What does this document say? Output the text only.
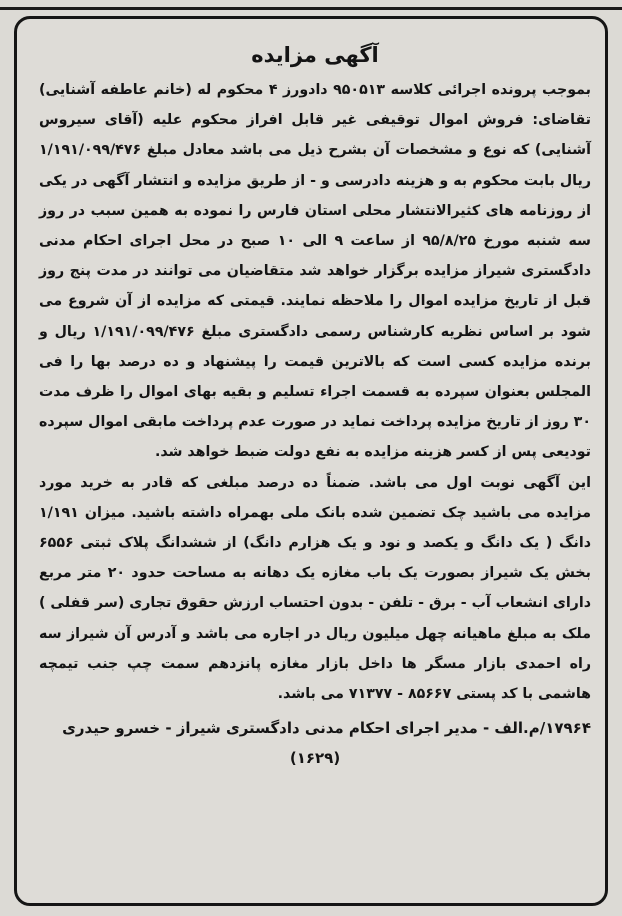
آگهی مزایده

بموجب پرونده اجرائی کلاسه ۹۵۰۵۱۳ دادورز ۴ محکوم له (خانم عاطفه آشنایی) تقاضای: فروش اموال توقیفی غیر قابل افراز محکوم علیه (آقای سیروس آشنایی) که نوع و مشخصات آن بشرح ذیل می باشد معادل مبلغ ۱/۱۹۱/۰۹۹/۴۷۶ ریال بابت محکوم به و هزینه دادرسی و - از طریق مزایده و انتشار آگهی در یکی از روزنامه های کثیرالانتشار محلی استان فارس را نموده به همین سبب در روز سه شنبه مورخ ۹۵/۸/۲۵ از ساعت ۹ الی ۱۰ صبح در محل اجرای احکام مدنی دادگستری شیراز مزایده برگزار خواهد شد متقاضیان می توانند در مدت پنج روز قبل از تاریخ مزایده اموال را ملاحظه نمایند. قیمتی که مزایده از آن شروع می شود بر اساس نظریه کارشناس رسمی دادگستری مبلغ ۱/۱۹۱/۰۹۹/۴۷۶ ریال و برنده مزایده کسی است که بالاترین قیمت را پیشنهاد و ده درصد بها را فی المجلس بعنوان سپرده به قسمت اجراء تسلیم و بقیه بهای اموال را ظرف مدت ۳۰ روز از تاریخ مزایده پرداخت نماید در صورت عدم پرداخت مابقی اموال سپرده تودیعی پس از کسر هزینه مزایده به نفع دولت ضبط خواهد شد.

این آگهی نوبت اول می باشد. ضمناً ده درصد مبلغی که قادر به خرید مورد مزایده می باشید چک تضمین شده بانک ملی بهمراه داشته باشید. میزان ۱/۱۹۱ دانگ ( یک دانگ و یکصد و نود و یک هزارم دانگ) از ششدانگ پلاک ثبتی ۶۵۵۶ بخش یک شیراز بصورت یک باب مغازه یک دهانه به مساحت حدود ۲۰ متر مربع دارای انشعاب آب - برق - تلفن - بدون احتساب ارزش حقوق تجاری (سر قفلی ) ملک به مبلغ ماهیانه چهل میلیون ریال در اجاره می باشد و آدرس آن شیراز سه راه احمدی بازار مسگر ها داخل بازار مغازه پانزدهم سمت چپ جنب تیمچه هاشمی با کد پستی ۸۵۶۶۷ - ۷۱۳۷۷ می باشد.

۱۷۹۶۴/م.الف - مدیر اجرای احکام مدنی دادگستری شیراز - خسرو حیدری
(۱۶۲۹)
